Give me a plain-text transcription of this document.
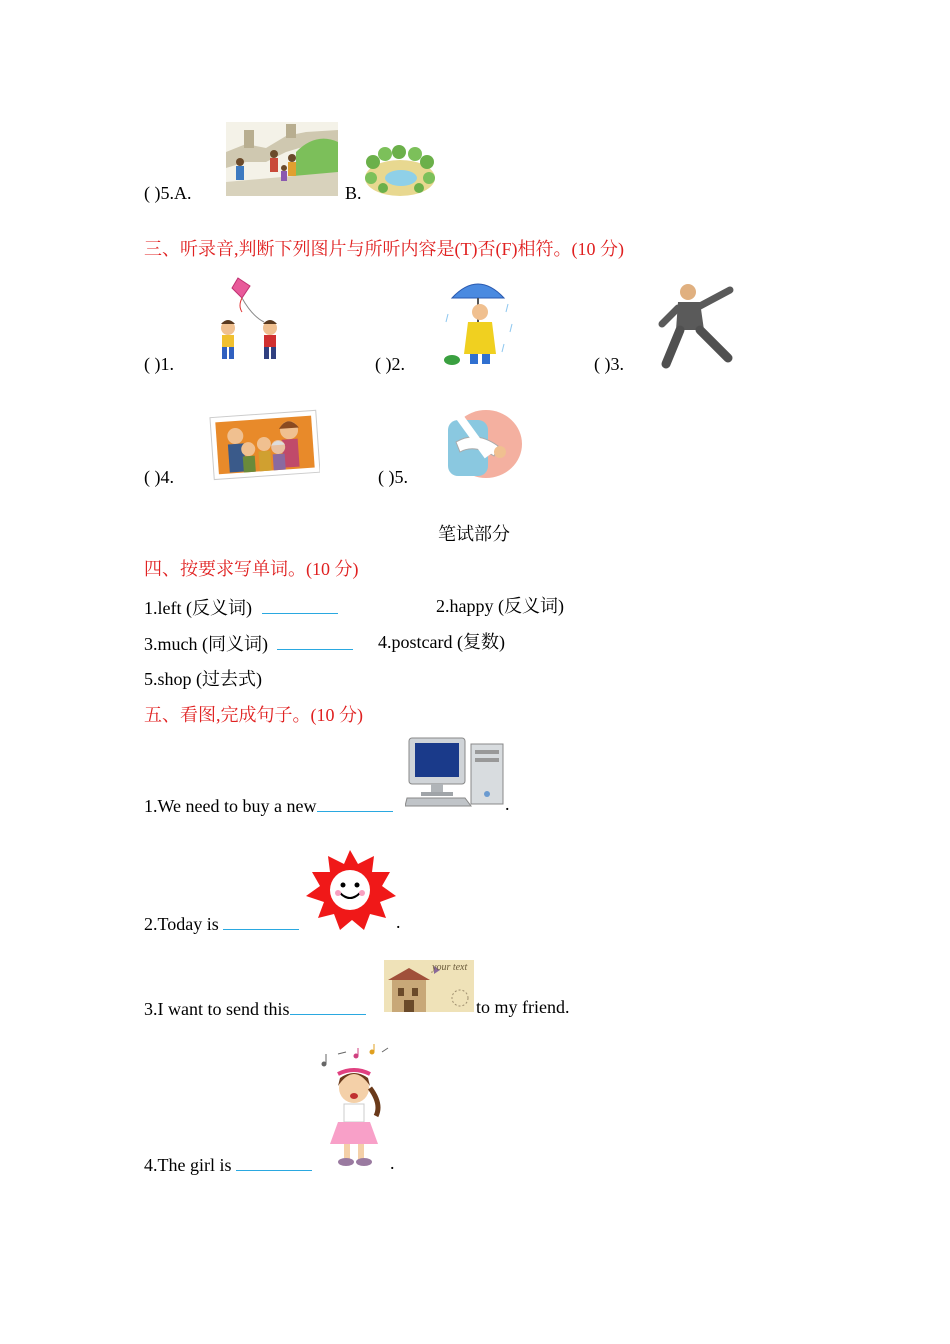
( )5.A.	B.
三、听录音,判断下列图片与所听内容是(T)否(F)相符。(10 分)
( )1.	( )2.	( )3.
( )4.	( )5.
笔试部分
四、按要求写单词。(10 分)
1.left (反义词)	2.happy (反义词)
3.much (同义词)	4.postcard (复数)
5.shop (过去式)
五、看图,完成句子。(10 分)
1.We need to buy a new	.
2.Today is	.
3.I want to send this
your text
to my friend.
4.The girl is	.
